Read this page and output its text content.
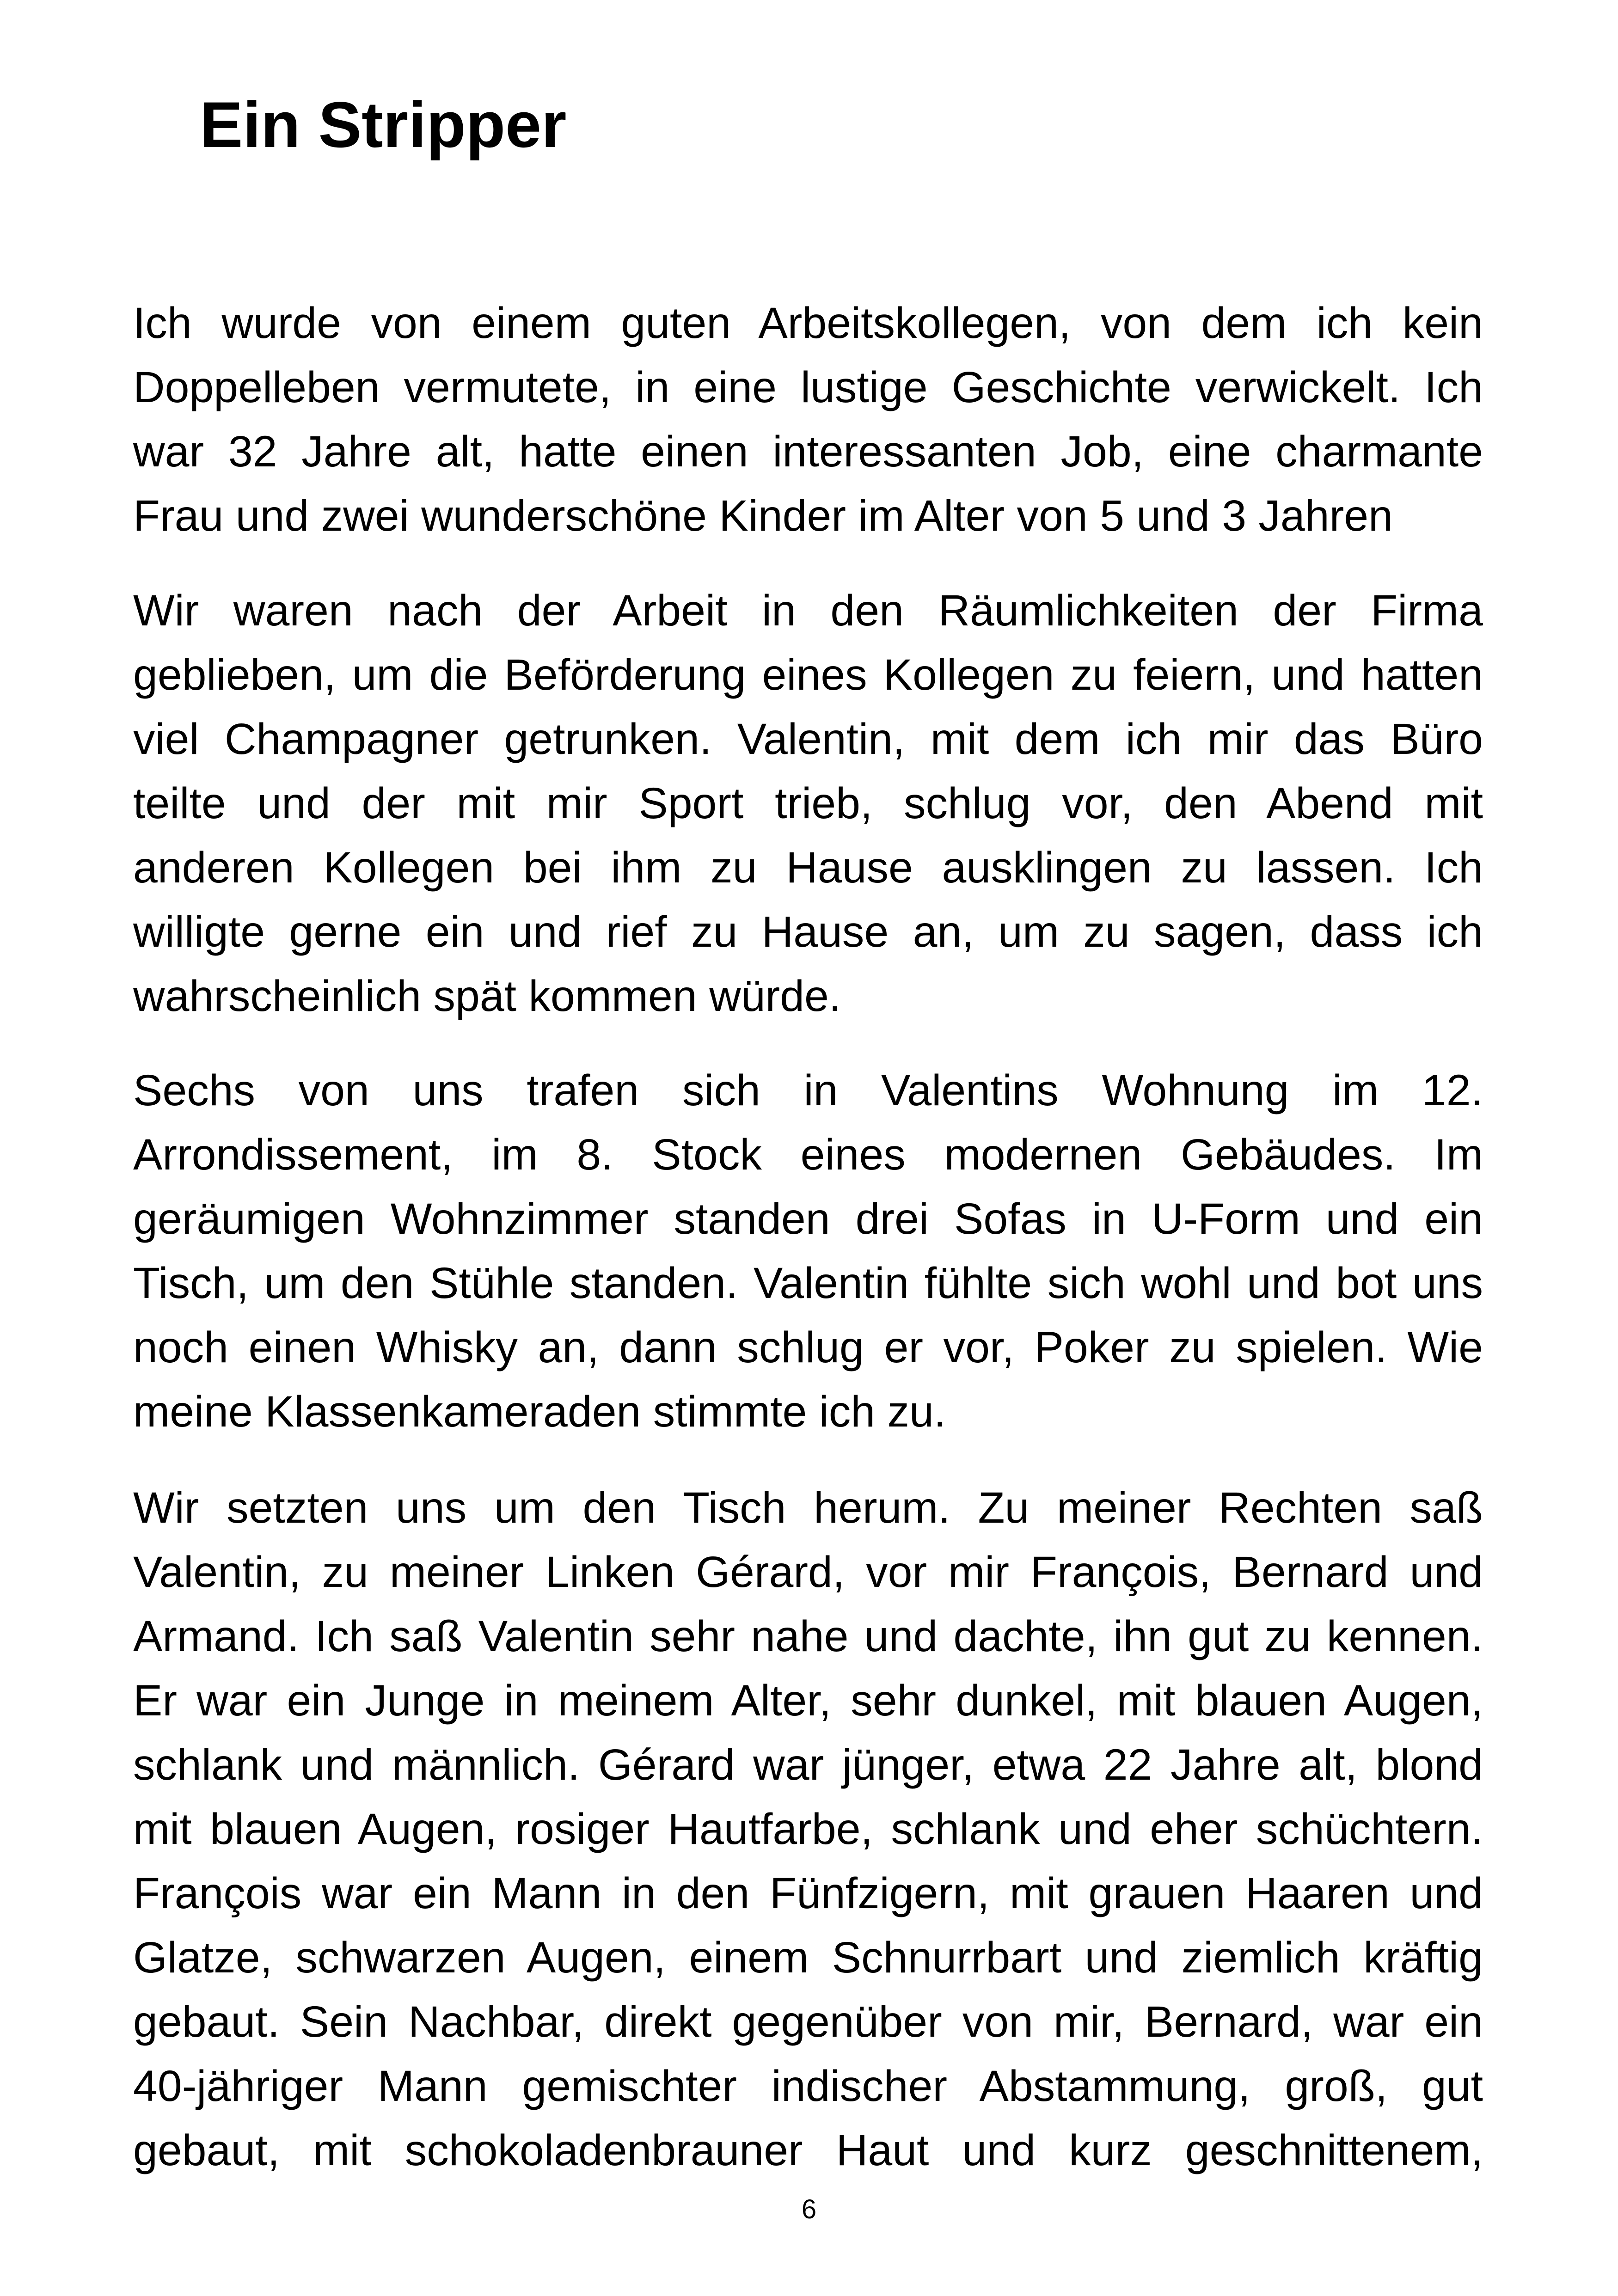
Ein Stripper
Ich wurde von einem guten Arbeitskollegen, von dem ich kein
Doppelleben vermutete, in eine lustige Geschichte verwickelt. Ich
war 32 Jahre alt, hatte einen interessanten Job, eine charmante
Frau und zwei wunderschöne Kinder im Alter von 5 und 3 Jahren
Wir waren nach der Arbeit in den Räumlichkeiten der Firma
geblieben, um die Beförderung eines Kollegen zu feiern, und hatten
viel Champagner getrunken. Valentin, mit dem ich mir das Büro
teilte und der mit mir Sport trieb, schlug vor, den Abend mit
anderen Kollegen bei ihm zu Hause ausklingen zu lassen. Ich
willigte gerne ein und rief zu Hause an, um zu sagen, dass ich
wahrscheinlich spät kommen würde.
Sechs von uns trafen sich in Valentins Wohnung im 12.
Arrondissement, im 8. Stock eines modernen Gebäudes. Im
geräumigen Wohnzimmer standen drei Sofas in U-Form und ein
Tisch, um den Stühle standen. Valentin fühlte sich wohl und bot uns
noch einen Whisky an, dann schlug er vor, Poker zu spielen. Wie
meine Klassenkameraden stimmte ich zu.
Wir setzten uns um den Tisch herum. Zu meiner Rechten saß
Valentin, zu meiner Linken Gérard, vor mir François, Bernard und
Armand. Ich saß Valentin sehr nahe und dachte, ihn gut zu kennen.
Er war ein Junge in meinem Alter, sehr dunkel, mit blauen Augen,
schlank und männlich. Gérard war jünger, etwa 22 Jahre alt, blond
mit blauen Augen, rosiger Hautfarbe, schlank und eher schüchtern.
François war ein Mann in den Fünfzigern, mit grauen Haaren und
Glatze, schwarzen Augen, einem Schnurrbart und ziemlich kräftig
gebaut. Sein Nachbar, direkt gegenüber von mir, Bernard, war ein
40-jähriger Mann gemischter indischer Abstammung, groß, gut
gebaut, mit schokoladenbrauner Haut und kurz geschnittenem,
6
